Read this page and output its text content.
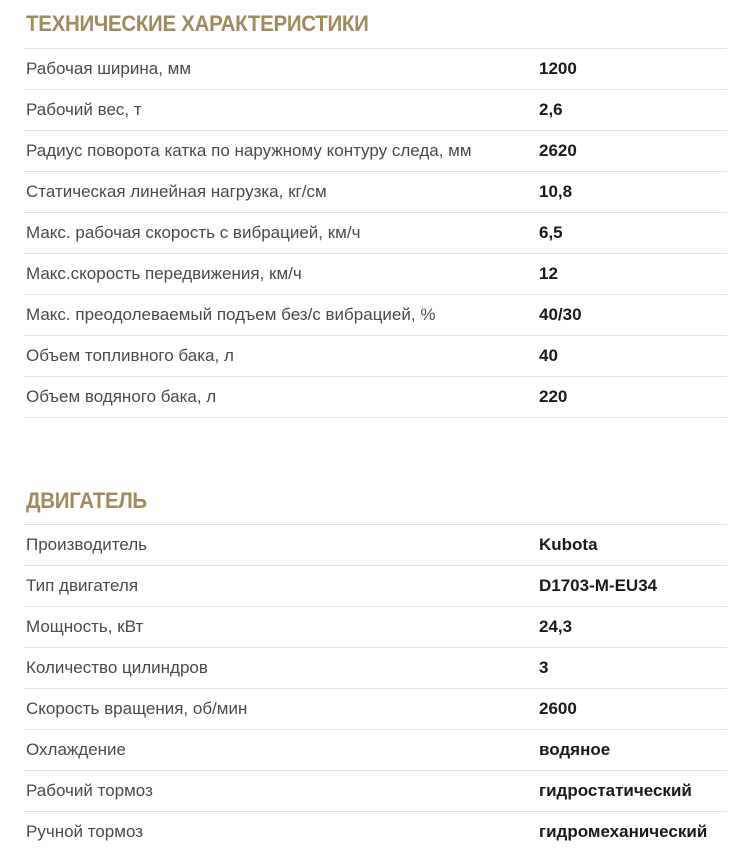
ТЕХНИЧЕСКИЕ ХАРАКТЕРИСТИКИ
Рабочая ширина, мм	1200
Рабочий вес, т	2,6
Радиус поворота катка по наружному контуру следа, мм	2620
Статическая линейная нагрузка, кг/см	10,8
Макс. рабочая скорость с вибрацией, км/ч	6,5
Макс.скорость передвижения, км/ч	12
Макс. преодолеваемый подъем без/с вибрацией, %	40/30
Объем топливного бака, л	40
Объем водяного бака, л	220
ДВИГАТЕЛЬ
Производитель	Kubota
Тип двигателя	D1703-M-EU34
Мощность, кВт	24,3
Количество цилиндров	3
Скорость вращения, об/мин	2600
Охлаждение	водяное
Рабочий тормоз	гидростатический
Ручной тормоз	гидромеханический
